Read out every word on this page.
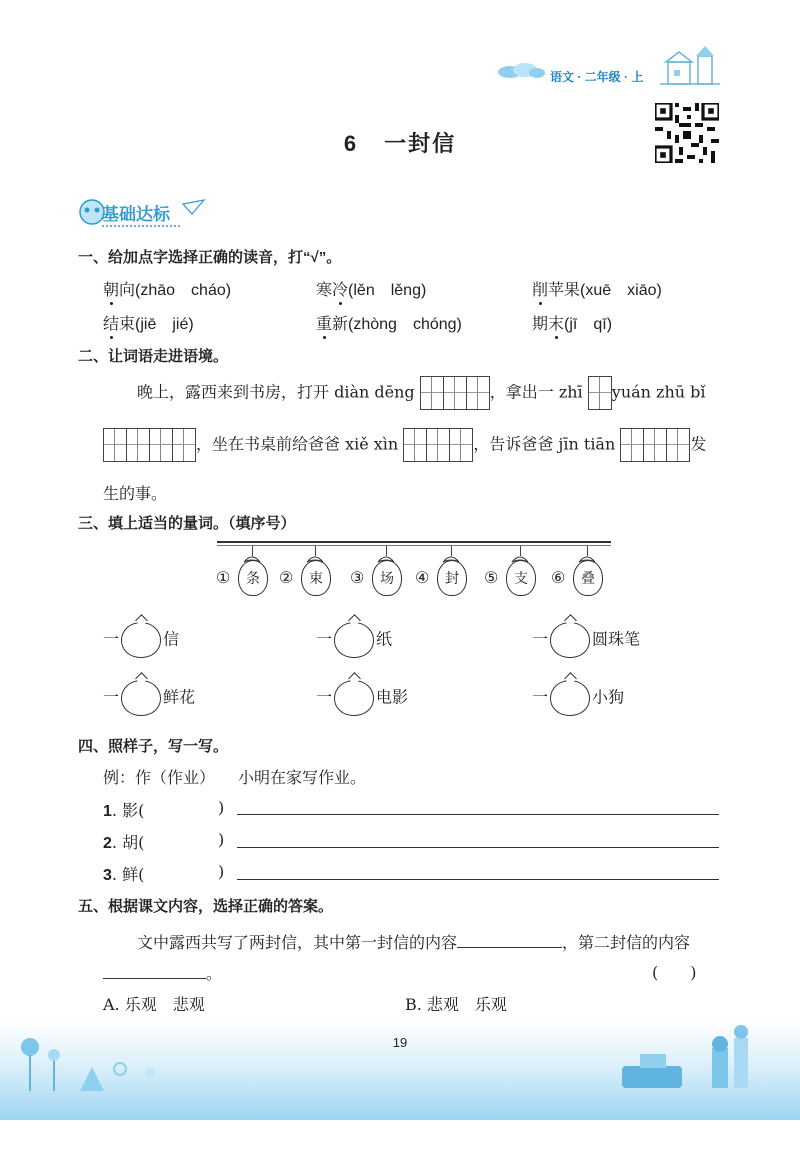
语文 · 二年级 · 上
6 一封信
基础达标
一、给加点字选择正确的读音，打“√”。
朝向(zhāo　cháo)	寒冷(lěn　lěng)	削苹果(xuē　xiāo)
结束(jiē　jié)	重新(zhòng　chóng)	期末(jī　qī)
二、让词语走进语境。
晚上，露西来到书房，打开 diàn dēng	，拿出一 zhī yuán zhū bǐ
，坐在书桌前给爸爸 xiě xìn	，告诉爸爸 jīn tiān	发
生的事。
三、填上适当的量词。（填序号）
①	条	②	束	③	场	④	封	⑤	支	⑥	叠
一	信	一	纸	一	圆珠笔
一	鲜花	一	电影	一	小狗
四、照样子，写一写。
例：作（作业） 小明在家写作业。
1. 影(	)
2. 胡(	)
3. 鲜(	)
五、根据课文内容，选择正确的答案。
文中露西共写了两封信，其中第一封信的内容	，第二封信的内容
。	(　　)
A. 乐观　悲观	B. 悲观　乐观
19
